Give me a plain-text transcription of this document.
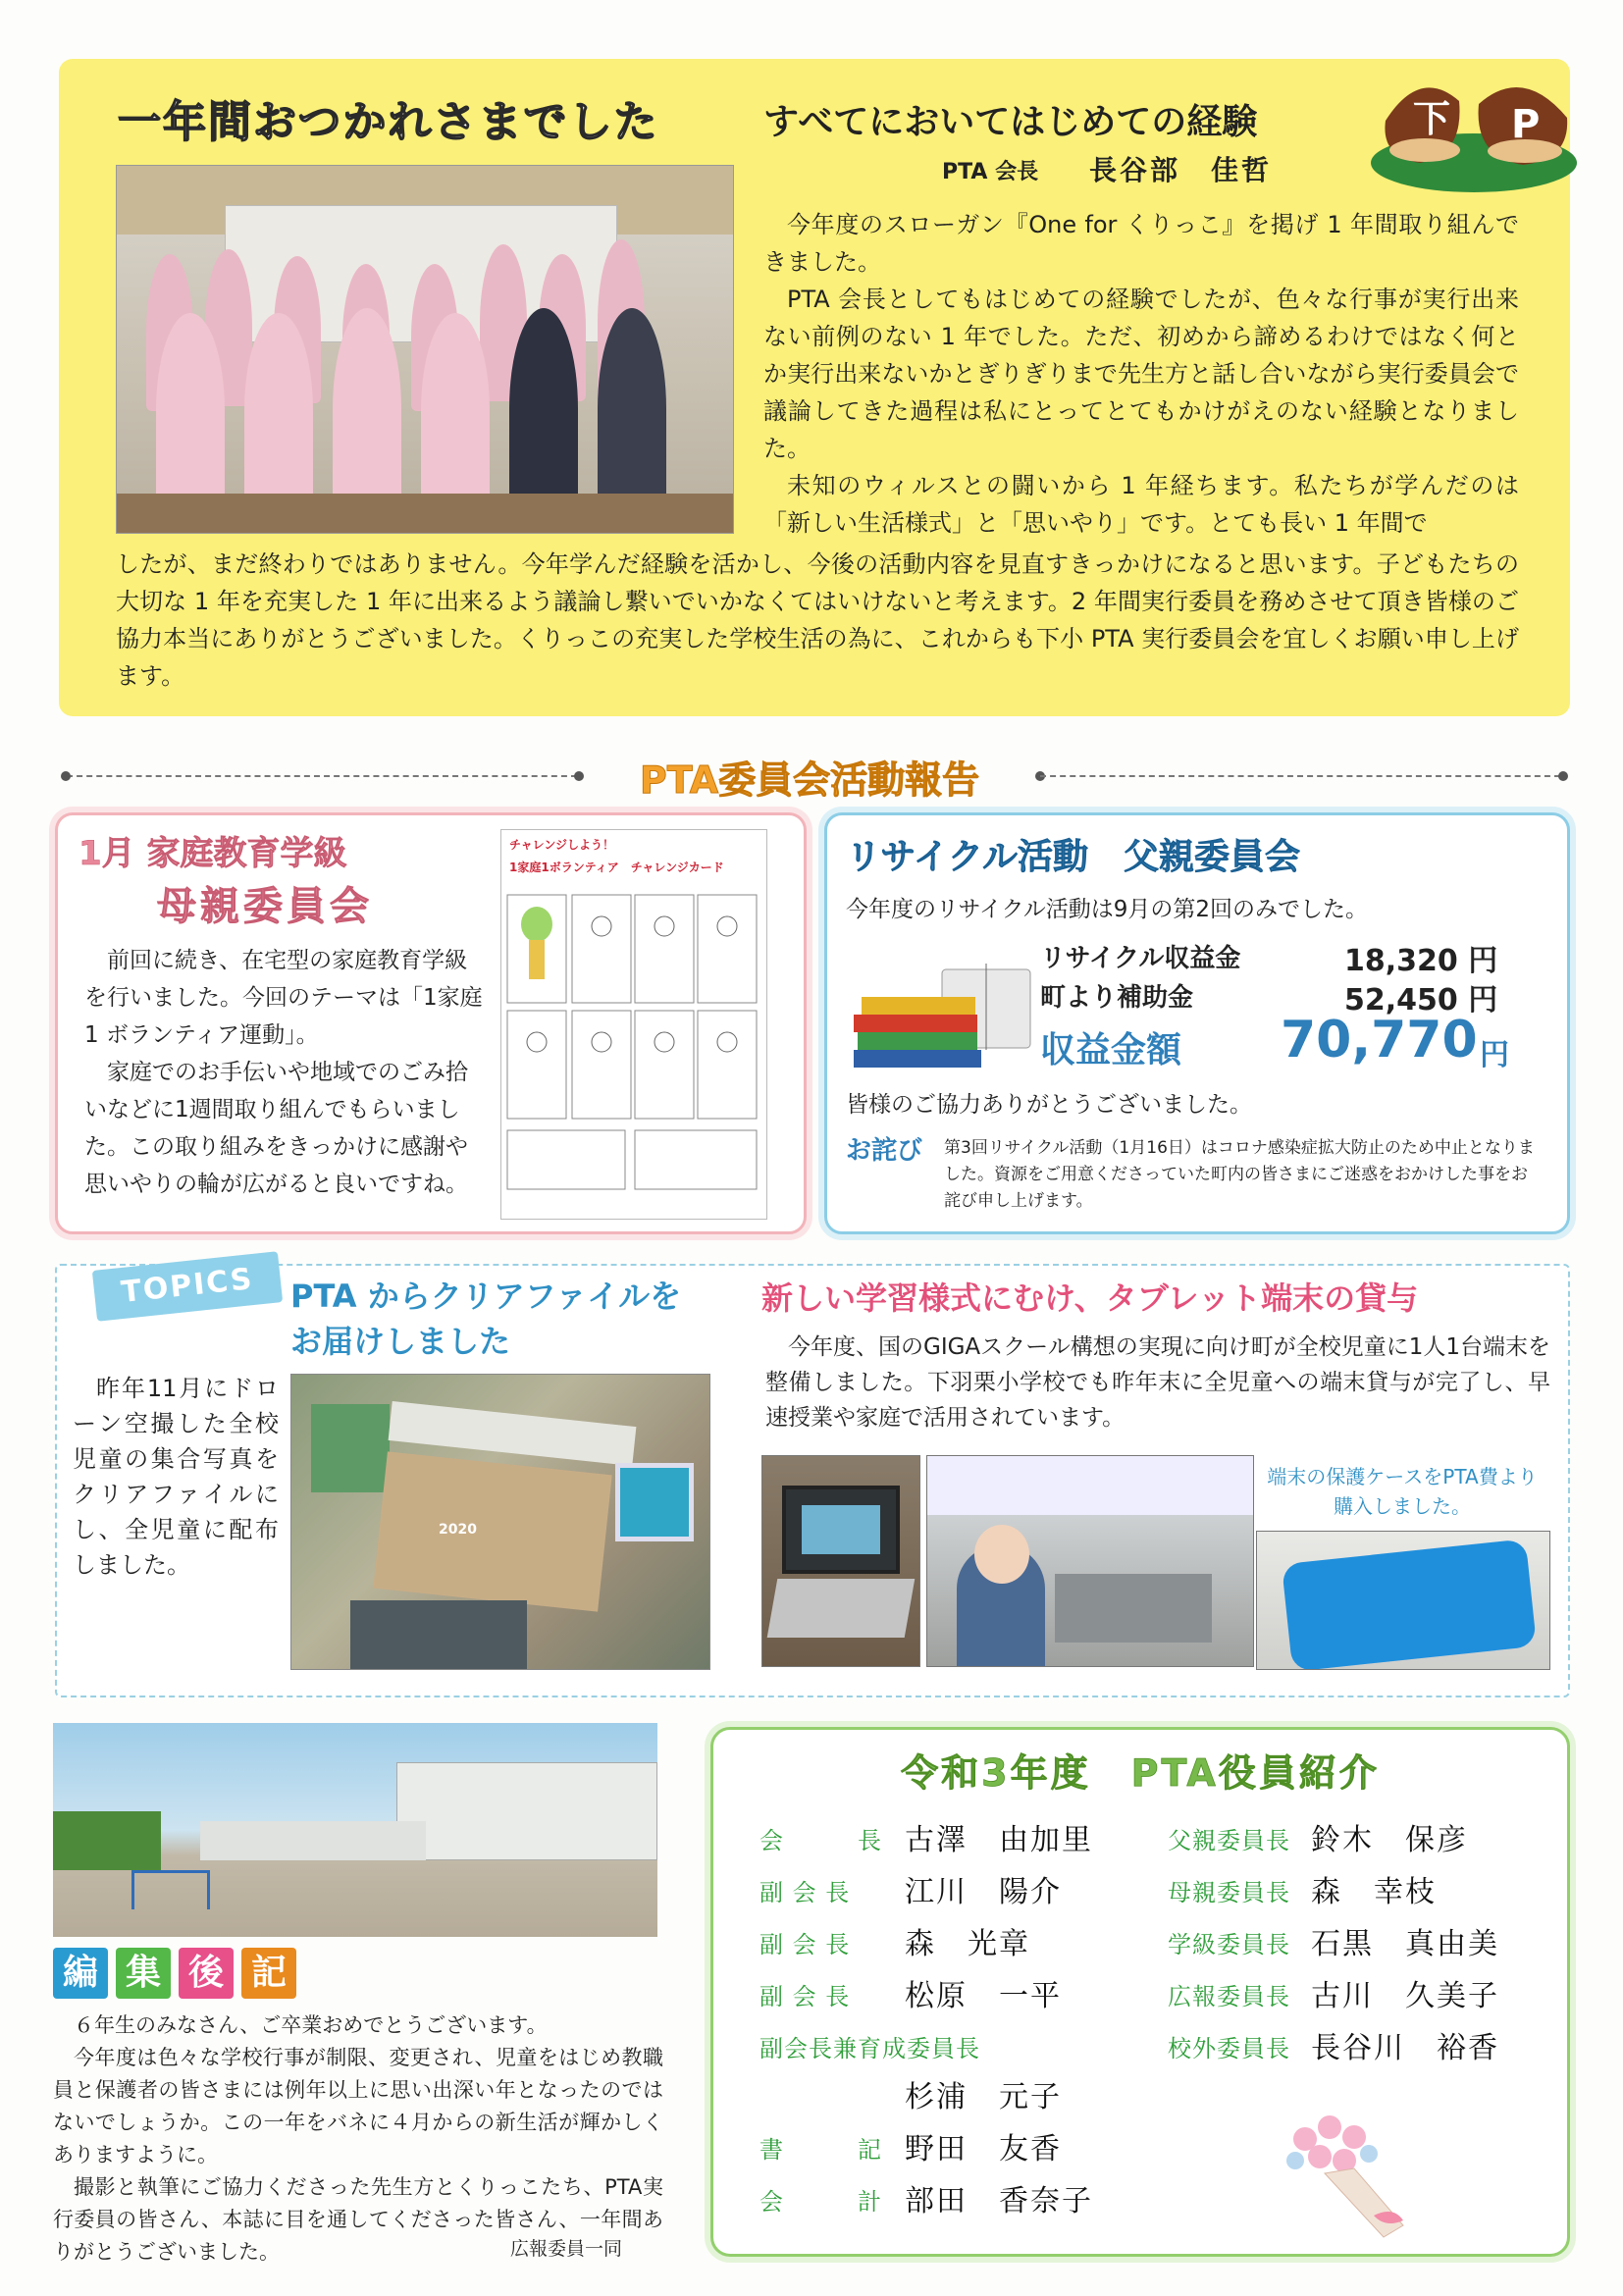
一年間おつかれさまでした	すべてにおいてはじめての経験
PTA 会長 長谷部　佳哲
下 P

今年度のスローガン『One for くりっこ』を掲げ 1 年間取り組んできました。

PTA 会長としてもはじめての経験でしたが、色々な行事が実行出来ない前例のない 1 年でした。ただ、初めから諦めるわけではなく何とか実行出来ないかとぎりぎりまで先生方と話し合いながら実行委員会で議論してきた過程は私にとってとてもかけがえのない経験となりました。

未知のウィルスとの闘いから 1 年経ちます。私たちが学んだのは「新しい生活様式」と「思いやり」です。とても長い 1 年間で

したが、まだ終わりではありません。今年学んだ経験を活かし、今後の活動内容を見直すきっかけになると思います。子どもたちの大切な 1 年を充実した 1 年に出来るよう議論し繋いでいかなくてはいけないと考えます。2 年間実行委員を務めさせて頂き皆様のご協力本当にありがとうございました。くりっこの充実した学校生活の為に、これからも下小 PTA 実行委員会を宜しくお願い申し上げます。
PTA委員会活動報告
1月 家庭教育学級
母親委員会

前回に続き、在宅型の家庭教育学級を行いました。今回のテーマは「1家庭 1 ボランティア運動」。

家庭でのお手伝いや地域でのごみ拾いなどに1週間取り組んでもらいました。この取り組みをきっかけに感謝や思いやりの輪が広がると良いですね。

チャレンジしよう！
1家庭1ボランティア　チャレンジカード	リサイクル活動　父親委員会
今年度のリサイクル活動は9月の第2回のみでした。
リサイクル収益金	18,320 円
町より補助金	52,450 円
収益金額 70,770 円
皆様のご協力ありがとうございました。
お詫び 第3回リサイクル活動（1月16日）はコロナ感染症拡大防止のため中止となりました。資源をご用意くださっていた町内の皆さまにご迷惑をおかけした事をお詫び申し上げます。
TOPICS	PTA からクリアファイルを
お届けしました
昨年11月にドローン空撮した全校児童の集合写真をクリアファイルにし、全児童に配布しました。
2020
新しい学習様式にむけ、タブレット端末の貸与
今年度、国のGIGAスクール構想の実現に向け町が全校児童に1人1台端末を整備しました。下羽栗小学校でも昨年末に全児童への端末貸与が完了し、早速授業や家庭で活用されています。
端末の保護ケースをPTA費より購入しました。
編 集 後 記

６年生のみなさん、ご卒業おめでとうございます。

今年度は色々な学校行事が制限、変更され、児童をはじめ教職員と保護者の皆さまには例年以上に思い出深い年となったのではないでしょうか。この一年をバネに４月からの新生活が輝かしくありますように。

撮影と執筆にご協力くださった先生方とくりっこたち、PTA実行委員の皆さん、本誌に目を通してくださった皆さん、一年間ありがとうございました。	広報委員一同
令和3年度　PTA役員紹介
会　　　長 古澤　由加里
副 会 長 江川　陽介
副 会 長 森　光章
副 会 長 松原　一平
副会長兼育成委員長
杉浦　元子
書　　　記 野田　友香
会　　　計 部田　香奈子
父親委員長 鈴木　保彦
母親委員長 森　幸枝
学級委員長 石黒　真由美
広報委員長 古川　久美子
校外委員長 長谷川　裕香
